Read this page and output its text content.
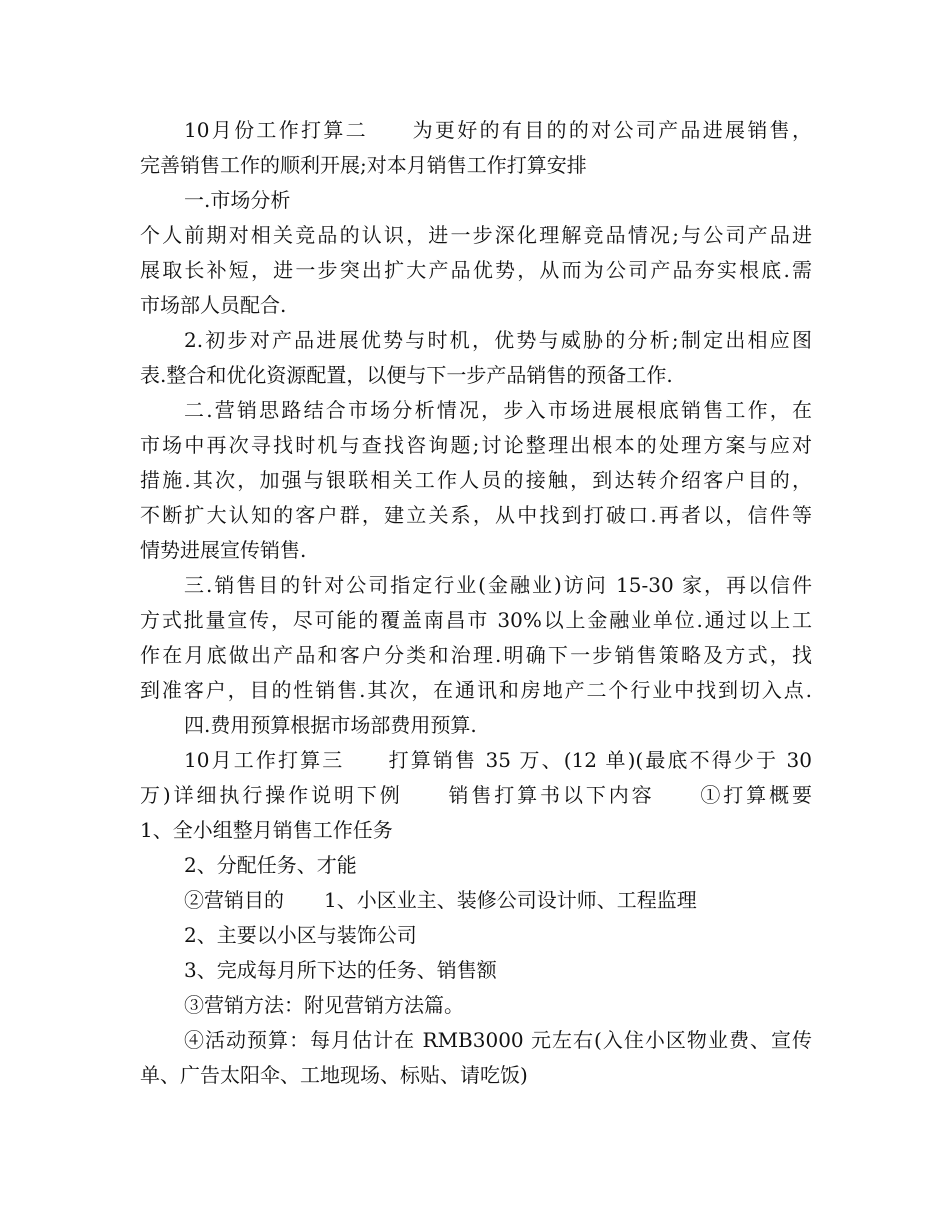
10月份工作打算二　　为更好的有目的的对公司产品进展销售，
完善销售工作的顺利开展;对本月销售工作打算安排
一.市场分析
个人前期对相关竞品的认识，进一步深化理解竞品情况;与公司产品进
展取长补短，进一步突出扩大产品优势，从而为公司产品夯实根底.需
市场部人员配合.
2.初步对产品进展优势与时机，优势与威胁的分析;制定出相应图
表.整合和优化资源配置，以便与下一步产品销售的预备工作.
二.营销思路结合市场分析情况，步入市场进展根底销售工作，在
市场中再次寻找时机与查找咨询题;讨论整理出根本的处理方案与应对
措施.其次，加强与银联相关工作人员的接触，到达转介绍客户目的，
不断扩大认知的客户群，建立关系，从中找到打破口.再者以，信件等
情势进展宣传销售.
三.销售目的针对公司指定行业(金融业)访问 15-30 家，再以信件
方式批量宣传，尽可能的覆盖南昌市 30%以上金融业单位.通过以上工
作在月底做出产品和客户分类和治理.明确下一步销售策略及方式，找
到准客户，目的性销售.其次，在通讯和房地产二个行业中找到切入点.
四.费用预算根据市场部费用预算.
10月工作打算三　　打算销售 35 万、(12 单)(最底不得少于 30
万)详细执行操作说明下例　　销售打算书以下内容　　①打算概要
1、全小组整月销售工作任务
2、分配任务、才能
②营销目的　　1、小区业主、装修公司设计师、工程监理
2、主要以小区与装饰公司
3、完成每月所下达的任务、销售额
③营销方法：附见营销方法篇。
④活动预算：每月估计在 RMB3000 元左右(入住小区物业费、宣传
单、广告太阳伞、工地现场、标贴、请吃饭)
